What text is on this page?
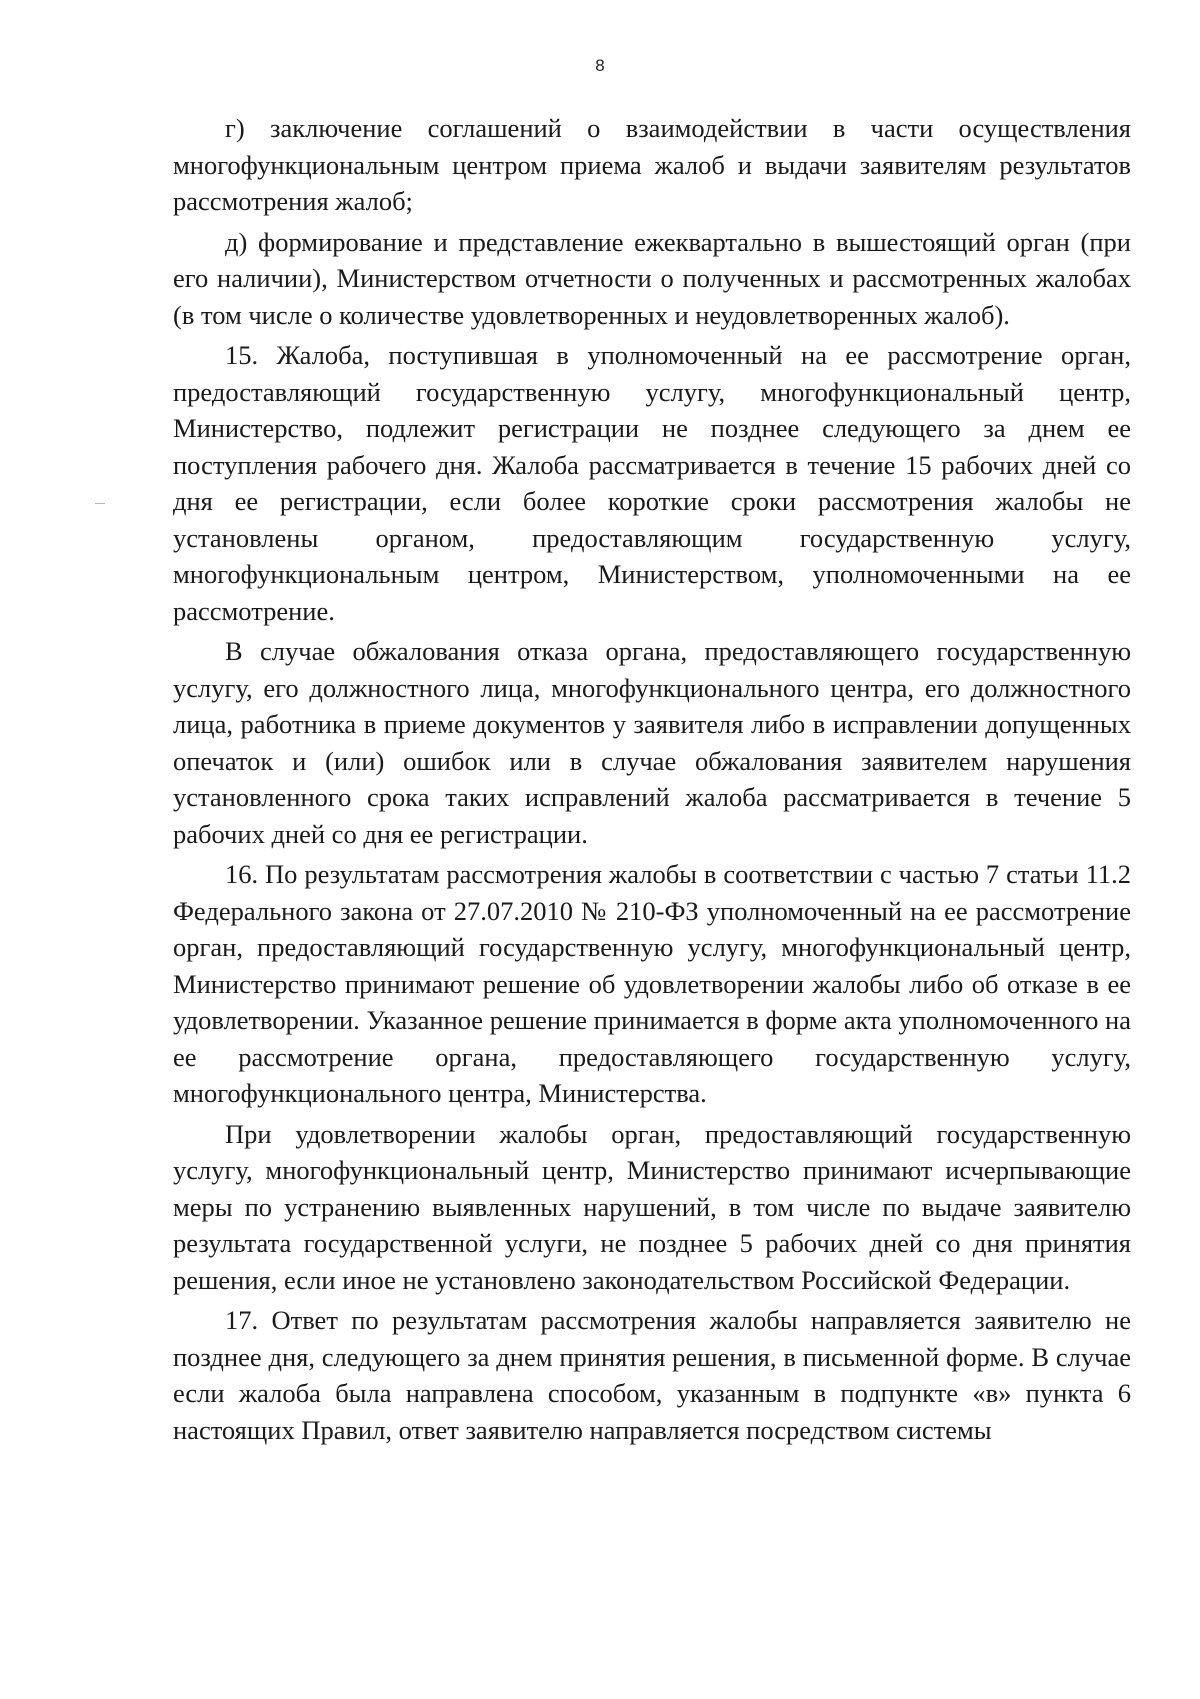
8

г) заключение соглашений о взаимодействии в части осуществления многофункциональным центром приема жалоб и выдачи заявителям результатов рассмотрения жалоб;

д) формирование и представление ежеквартально в вышестоящий орган (при его наличии), Министерством отчетности о полученных и рассмотренных жалобах (в том числе о количестве удовлетворенных и неудовлетворенных жалоб).

15. Жалоба, поступившая в уполномоченный на ее рассмотрение орган, предоставляющий государственную услугу, многофункциональный центр, Министерство, подлежит регистрации не позднее следующего за днем ее поступления рабочего дня. Жалоба рассматривается в течение 15 рабочих дней со дня ее регистрации, если более короткие сроки рассмотрения жалобы не установлены органом, предоставляющим государственную услугу, многофункциональным центром, Министерством, уполномоченными на ее рассмотрение.

В случае обжалования отказа органа, предоставляющего государственную услугу, его должностного лица, многофункционального центра, его должностного лица, работника в приеме документов у заявителя либо в исправлении допущенных опечаток и (или) ошибок или в случае обжалования заявителем нарушения установленного срока таких исправлений жалоба рассматривается в течение 5 рабочих дней со дня ее регистрации.

16. По результатам рассмотрения жалобы в соответствии с частью 7 статьи 11.2 Федерального закона от 27.07.2010 № 210-ФЗ уполномоченный на ее рассмотрение орган, предоставляющий государственную услугу, многофункциональный центр, Министерство принимают решение об удовлетворении жалобы либо об отказе в ее удовлетворении. Указанное решение принимается в форме акта уполномоченного на ее рассмотрение органа, предоставляющего государственную услугу, многофункционального центра, Министерства.

При удовлетворении жалобы орган, предоставляющий государственную услугу, многофункциональный центр, Министерство принимают исчерпывающие меры по устранению выявленных нарушений, в том числе по выдаче заявителю результата государственной услуги, не позднее 5 рабочих дней со дня принятия решения, если иное не установлено законодательством Российской Федерации.

17. Ответ по результатам рассмотрения жалобы направляется заявителю не позднее дня, следующего за днем принятия решения, в письменной форме. В случае если жалоба была направлена способом, указанным в подпункте «в» пункта 6 настоящих Правил, ответ заявителю направляется посредством системы
